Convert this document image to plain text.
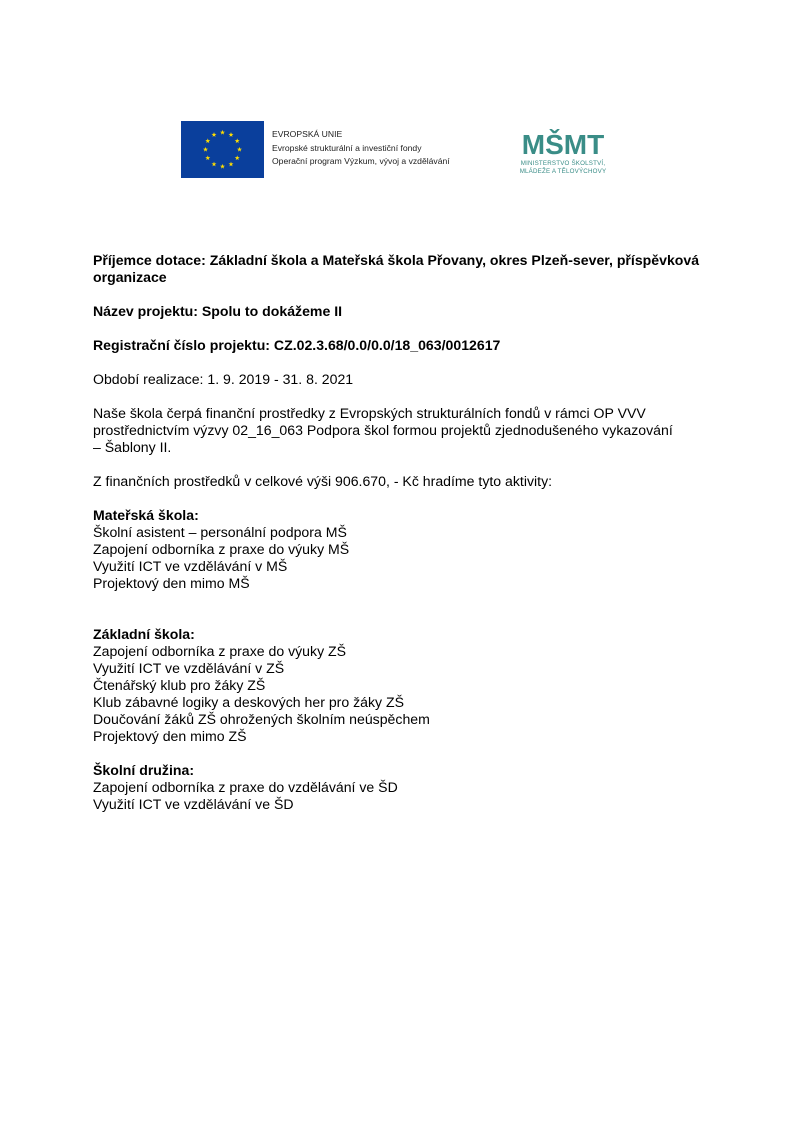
EVROPSKÁ UNIE
Evropské strukturální a investiční fondy
Operační program Výzkum, vývoj a vzdělávání
MŠMT
MINISTERSTVO ŠKOLSTVÍ,
MLÁDEŽE A TĚLOVÝCHOVY

Příjemce dotace: Základní škola a Mateřská škola Přovany, okres Plzeň-sever, příspěvková organizace

Název projektu: Spolu to dokážeme II

Registrační číslo projektu: CZ.02.3.68/0.0/0.0/18_063/0012617

Období realizace: 1. 9. 2019 - 31. 8. 2021

Naše škola čerpá finanční prostředky z Evropských strukturálních fondů v rámci OP VVV

prostřednictvím výzvy 02_16_063 Podpora škol formou projektů zjednodušeného vykazování

– Šablony II.

Z finančních prostředků v celkové výši 906.670, - Kč hradíme tyto aktivity:

Mateřská škola:

Školní asistent – personální podpora MŠ

Zapojení odborníka z praxe do výuky MŠ

Využití ICT ve vzdělávání v MŠ

Projektový den mimo MŠ

Základní škola:

Zapojení odborníka z praxe do výuky ZŠ

Využití ICT ve vzdělávání v ZŠ

Čtenářský klub pro žáky ZŠ

Klub zábavné logiky a deskových her pro žáky ZŠ

Doučování žáků ZŠ ohrožených školním neúspěchem

Projektový den mimo ZŠ

Školní družina:

Zapojení odborníka z praxe do vzdělávání ve ŠD

Využití ICT ve vzdělávání ve ŠD
